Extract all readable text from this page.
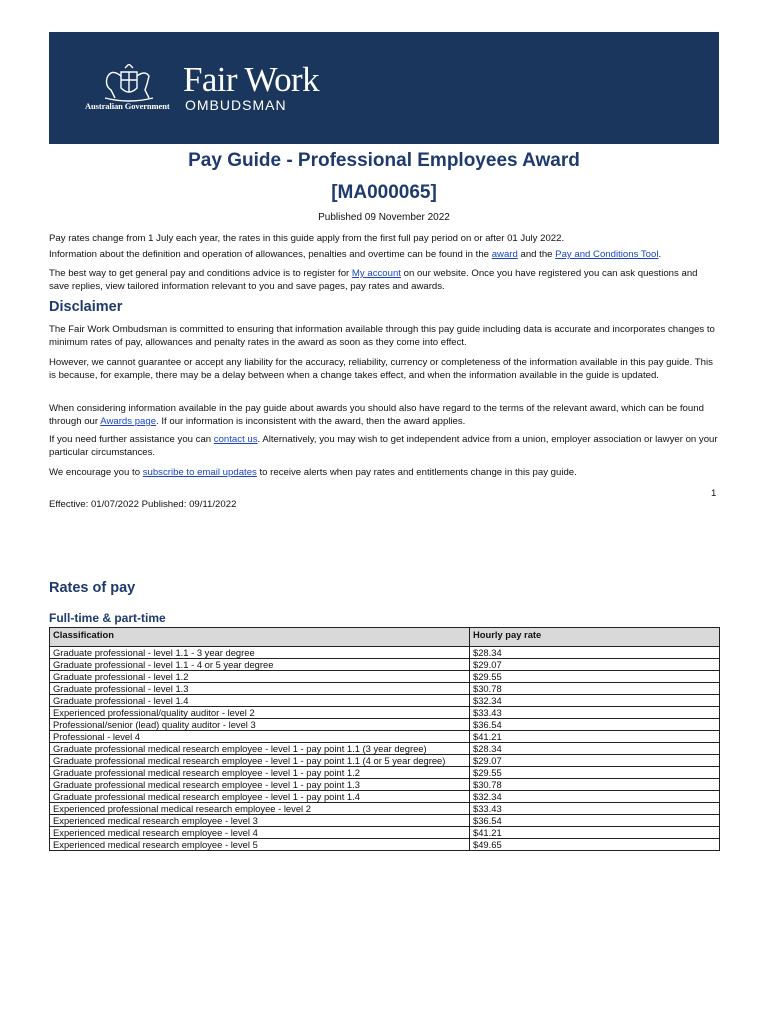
Australian Government
Fair Work
OMBUDSMAN
Pay Guide - Professional Employees Award
[MA000065]
Published 09 November 2022

Pay rates change from 1 July each year, the rates in this guide apply from the first full pay period on or after 01 July 2022.

Information about the definition and operation of allowances, penalties and overtime can be found in the award and the Pay and Conditions Tool.

The best way to get general pay and conditions advice is to register for My account on our website. Once you have registered you can ask questions and save replies, view tailored information relevant to you and save pages, pay rates and awards.

Disclaimer

The Fair Work Ombudsman is committed to ensuring that information available through this pay guide including data is accurate and incorporates changes to minimum rates of pay, allowances and penalty rates in the award as soon as they come into effect.

However, we cannot guarantee or accept any liability for the accuracy, reliability, currency or completeness of the information available in this pay guide. This is because, for example, there may be a delay between when a change takes effect, and when the information available in the guide is updated.

When considering information available in the pay guide about awards you should also have regard to the terms of the relevant award, which can be found through our Awards page. If our information is inconsistent with the award, then the award applies.

If you need further assistance you can contact us. Alternatively, you may wish to get independent advice from a union, employer association or lawyer on your particular circumstances.

We encourage you to subscribe to email updates to receive alerts when pay rates and entitlements change in this pay guide.

1
Effective: 01/07/2022 Published: 09/11/2022
Rates of pay
Full-time & part-time
Classification	Hourly pay rate
Graduate professional - level 1.1 - 3 year degree	$28.34
Graduate professional - level 1.1 - 4 or 5 year degree	$29.07
Graduate professional - level 1.2	$29.55
Graduate professional - level 1.3	$30.78
Graduate professional - level 1.4	$32.34
Experienced professional/quality auditor - level 2	$33.43
Professional/senior (lead) quality auditor - level 3	$36.54
Professional - level 4	$41.21
Graduate professional medical research employee - level 1 - pay point 1.1 (3 year degree)	$28.34
Graduate professional medical research employee - level 1 - pay point 1.1 (4 or 5 year degree)	$29.07
Graduate professional medical research employee - level 1 - pay point 1.2	$29.55
Graduate professional medical research employee - level 1 - pay point 1.3	$30.78
Graduate professional medical research employee - level 1 - pay point 1.4	$32.34
Experienced professional medical research employee - level 2	$33.43
Experienced medical research employee - level 3	$36.54
Experienced medical research employee - level 4	$41.21
Experienced medical research employee - level 5	$49.65
